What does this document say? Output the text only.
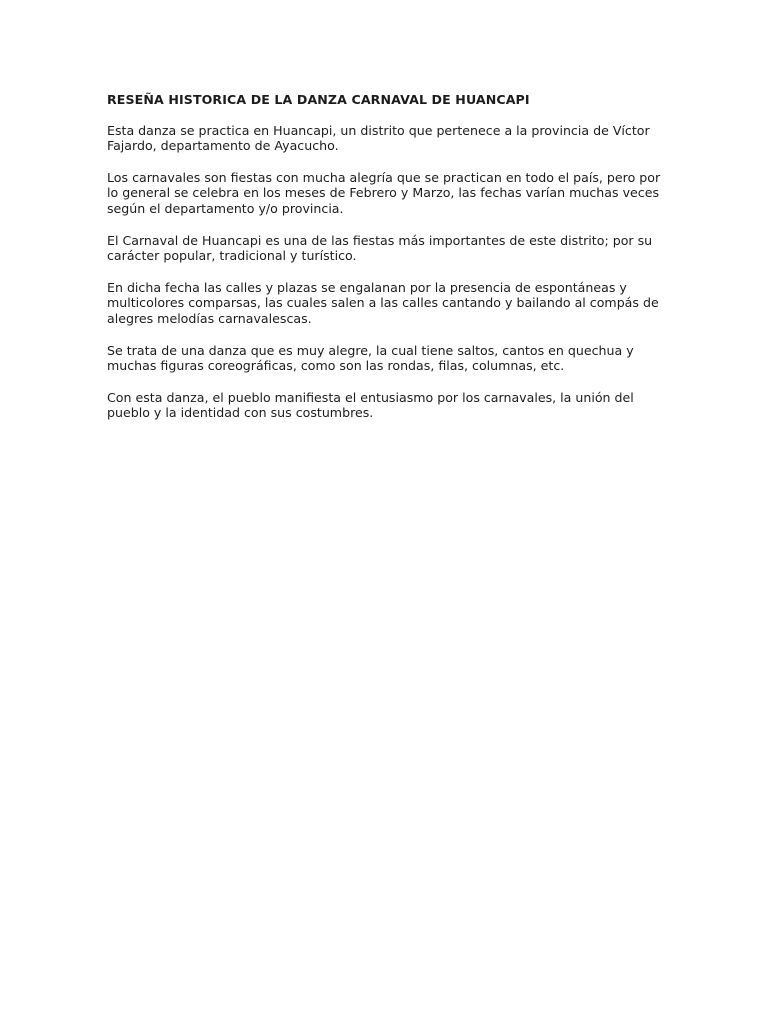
RESEÑA HISTORICA DE LA DANZA CARNAVAL DE HUANCAPI
Esta danza se practica en Huancapi, un distrito que pertenece a la provincia de Víctor
Fajardo, departamento de Ayacucho.
Los carnavales son fiestas con mucha alegría que se practican en todo el país, pero por
lo general se celebra en los meses de Febrero y Marzo, las fechas varían muchas veces
según el departamento y/o provincia.
El Carnaval de Huancapi es una de las fiestas más importantes de este distrito; por su
carácter popular, tradicional y turístico.
En dicha fecha las calles y plazas se engalanan por la presencia de espontáneas y
multicolores comparsas, las cuales salen a las calles cantando y bailando al compás de
alegres melodías carnavalescas.
Se trata de una danza que es muy alegre, la cual tiene saltos, cantos en quechua y
muchas figuras coreográficas, como son las rondas, filas, columnas, etc.
Con esta danza, el pueblo manifiesta el entusiasmo por los carnavales, la unión del
pueblo y la identidad con sus costumbres.
